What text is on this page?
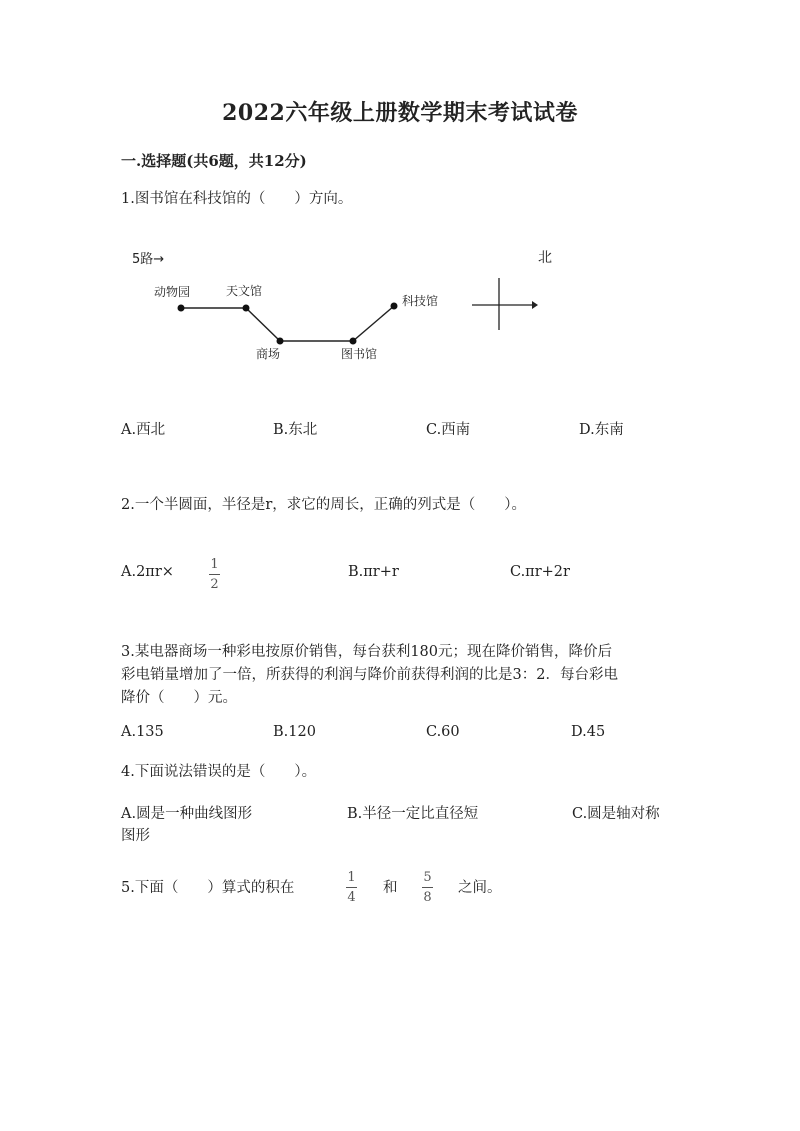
2022六年级上册数学期末考试试卷
一.选择题(共6题，共12分)
1.图书馆在科技馆的（　　）方向。
5路→	北
动物园	天文馆
商场	图书馆
科技馆
A.西北	B.东北	C.西南	D.东南
2.一个半圆面，半径是r，求它的周长，正确的列式是（　　）。
A.2πr×	1
2
B.πr+r	C.πr+2r
3.某电器商场一种彩电按原价销售，每台获利180元；现在降价销售，降价后
彩电销量增加了一倍，所获得的利润与降价前获得利润的比是3：2．每台彩电
降价（　　）元。
A.135	B.120	C.60	D.45
4.下面说法错误的是（　　）。
A.圆是一种曲线图形
图形
B.半径一定比直径短	C.圆是轴对称
5.下面（　　）算式的积在
1
4
和
5
8
之间。
